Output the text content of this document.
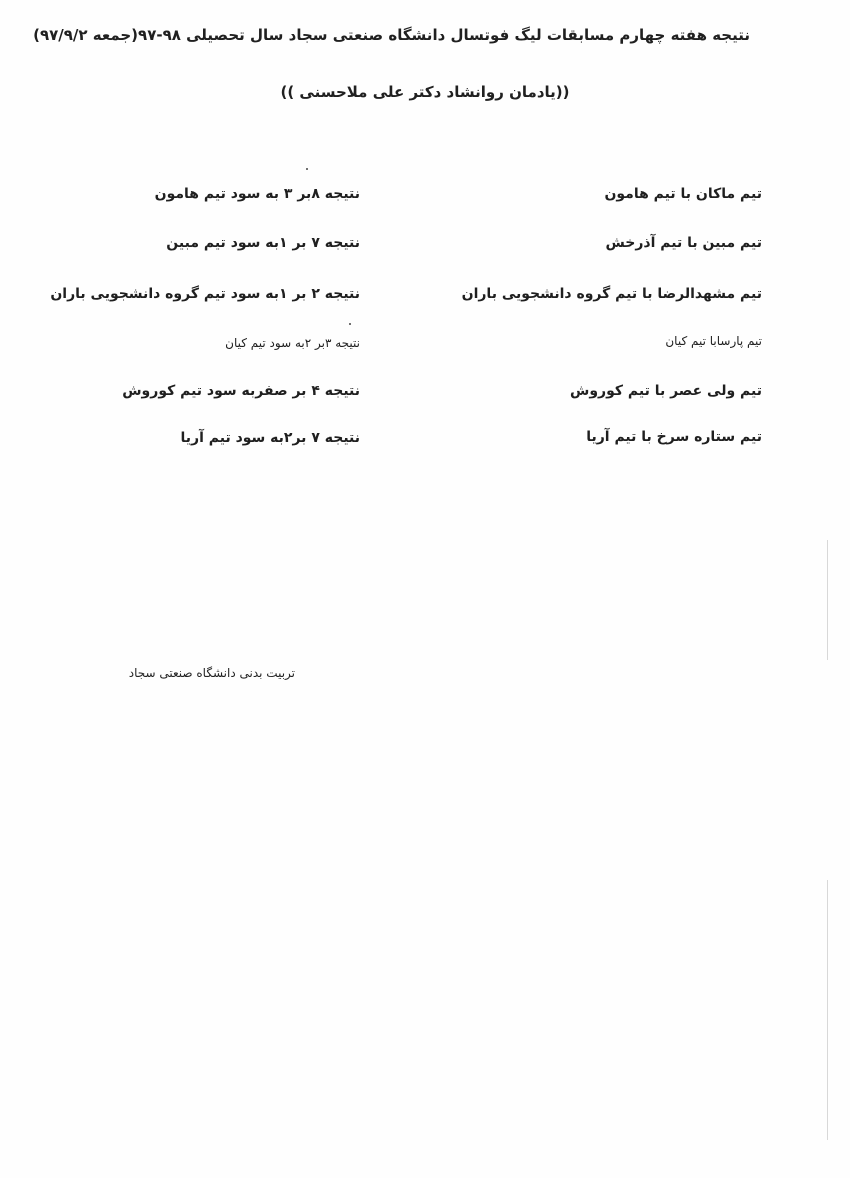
نتیجه هفته چهارم مسابقات لیگ فوتسال دانشگاه صنعتی سجاد سال تحصیلی ۹۸-۹۷(جمعه ۹۷/۹/۲)
((یادمان روانشاد دکتر علی ملاحسنی ))
تیم ماکان با تیم هامون
نتیجه ۸بر ۳ به سود تیم هامون
تیم مبین با تیم آذرخش
نتیجه ۷ بر ۱به سود تیم مبین
تیم مشهدالرضا با تیم گروه دانشجویی باران
نتیجه ۲ بر ۱به سود تیم گروه دانشجویی باران
تیم پارسابا تیم کیان
نتیجه ۳بر ۲به سود تیم کیان
تیم ولی عصر با تیم کوروش
نتیجه ۴ بر صفربه سود تیم کوروش
تیم ستاره سرخ با تیم آریا
نتیجه ۷ بر۲به سود تیم آریا
تربیت بدنی دانشگاه صنعتی سجاد
